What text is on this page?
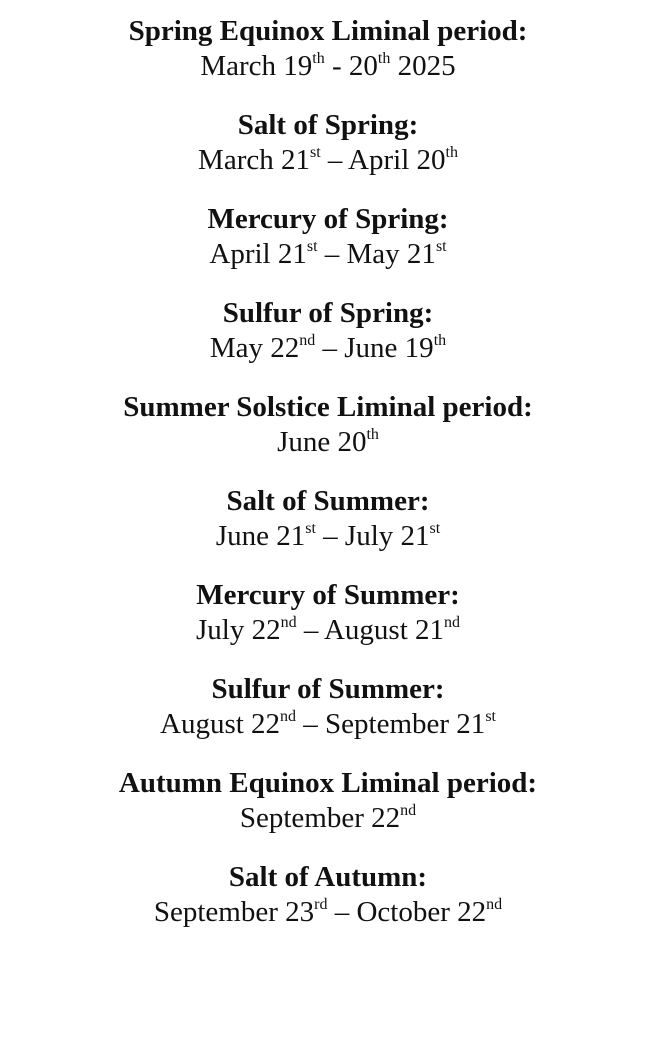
Spring Equinox Liminal period:

March 19th - 20th 2025

Salt of Spring:

March 21st – April 20th

Mercury of Spring:

April 21st – May 21st

Sulfur of Spring:

May 22nd – June 19th

Summer Solstice Liminal period:

June 20th

Salt of Summer:

June 21st – July 21st

Mercury of Summer:

July 22nd – August 21nd

Sulfur of Summer:

August 22nd – September 21st

Autumn Equinox Liminal period:

September 22nd

Salt of Autumn:

September 23rd – October 22nd
